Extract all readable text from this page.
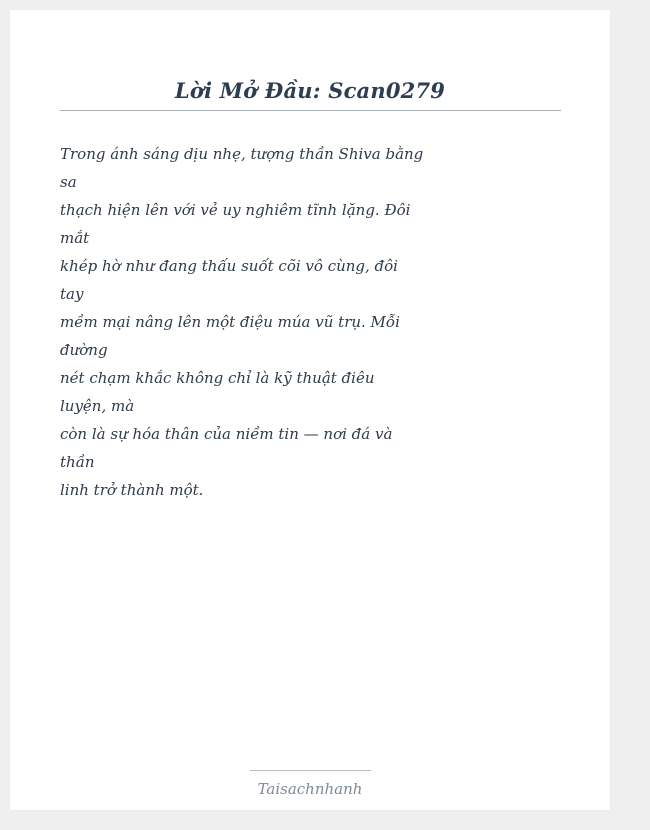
Lời Mở Đầu: Scan0279
Trong ánh sáng dịu nhẹ, tượng thần Shiva bằng
sa
thạch hiện lên với vẻ uy nghiêm tĩnh lặng. Đôi
mắt
khép hờ như đang thấu suốt cõi vô cùng, đôi
tay
mềm mại nâng lên một điệu múa vũ trụ. Mỗi
đường
nét chạm khắc không chỉ là kỹ thuật điêu
luyện, mà
còn là sự hóa thân của niềm tin — nơi đá và
thần
linh trở thành một.
Taisachnhanh
